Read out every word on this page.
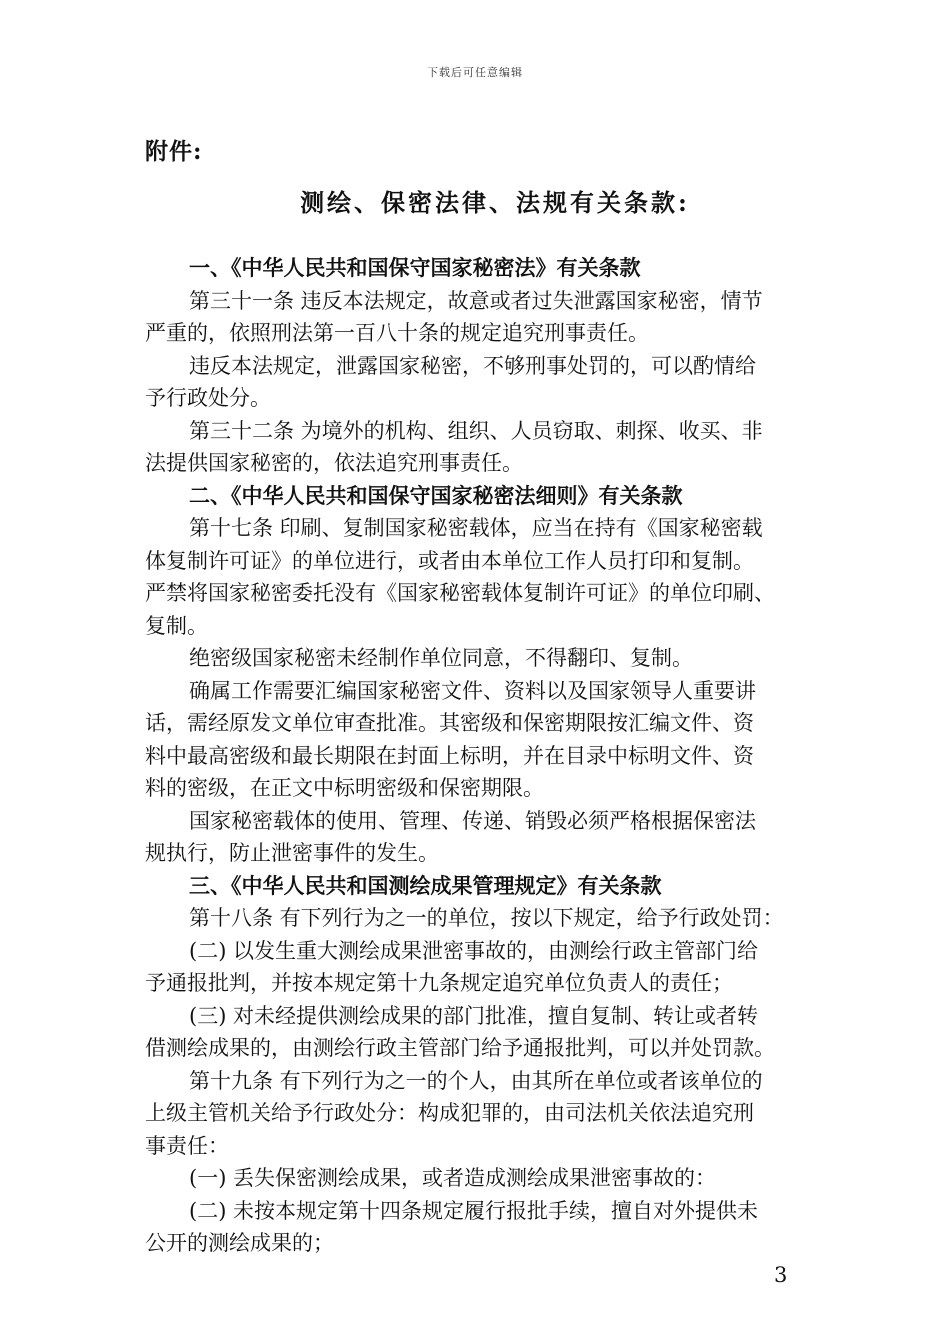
下载后可任意编辑
附件:
测绘、保密法律、法规有关条款:
一、《中华人民共和国保守国家秘密法》有关条款
第三十一条 违反本法规定，故意或者过失泄露国家秘密，情节
严重的，依照刑法第一百八十条的规定追究刑事责任。
违反本法规定，泄露国家秘密，不够刑事处罚的，可以酌情给
予行政处分。
第三十二条 为境外的机构、组织、人员窃取、刺探、收买、非
法提供国家秘密的，依法追究刑事责任。
二、《中华人民共和国保守国家秘密法细则》有关条款
第十七条 印刷、复制国家秘密载体，应当在持有《国家秘密载
体复制许可证》的单位进行，或者由本单位工作人员打印和复制。
严禁将国家秘密委托没有《国家秘密载体复制许可证》的单位印刷、
复制。
绝密级国家秘密未经制作单位同意，不得翻印、复制。
确属工作需要汇编国家秘密文件、资料以及国家领导人重要讲
话，需经原发文单位审查批准。其密级和保密期限按汇编文件、资
料中最高密级和最长期限在封面上标明，并在目录中标明文件、资
料的密级，在正文中标明密级和保密期限。
国家秘密载体的使用、管理、传递、销毁必须严格根据保密法
规执行，防止泄密事件的发生。
三、《中华人民共和国测绘成果管理规定》有关条款
第十八条 有下列行为之一的单位，按以下规定，给予行政处罚：
(二) 以发生重大测绘成果泄密事故的，由测绘行政主管部门给
予通报批判，并按本规定第十九条规定追究单位负责人的责任；
(三) 对未经提供测绘成果的部门批准，擅自复制、转让或者转
借测绘成果的，由测绘行政主管部门给予通报批判，可以并处罚款。
第十九条 有下列行为之一的个人，由其所在单位或者该单位的
上级主管机关给予行政处分：构成犯罪的，由司法机关依法追究刑
事责任：
(一) 丢失保密测绘成果，或者造成测绘成果泄密事故的：
(二) 未按本规定第十四条规定履行报批手续，擅自对外提供未
公开的测绘成果的；
3
